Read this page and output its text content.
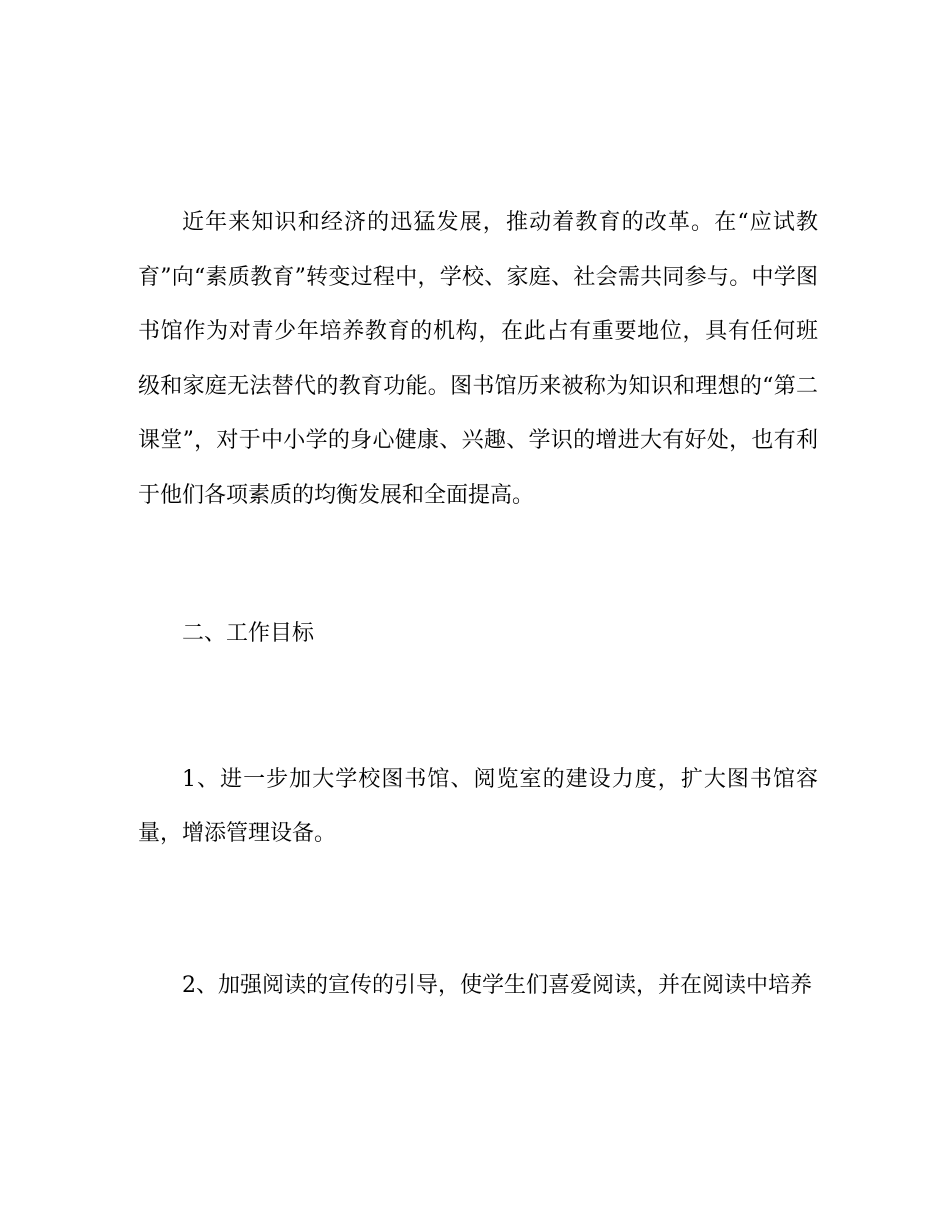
近年来知识和经济的迅猛发展，推动着教育的改革。在“应试教育”向“素质教育”转变过程中，学校、家庭、社会需共同参与。中学图书馆作为对青少年培养教育的机构，在此占有重要地位，具有任何班级和家庭无法替代的教育功能。图书馆历来被称为知识和理想的“第二课堂”，对于中小学的身心健康、兴趣、学识的增进大有好处，也有利于他们各项素质的均衡发展和全面提高。

二、工作目标

1、进一步加大学校图书馆、阅览室的建设力度，扩大图书馆容量，增添管理设备。

2、加强阅读的宣传的引导，使学生们喜爱阅读，并在阅读中培养
